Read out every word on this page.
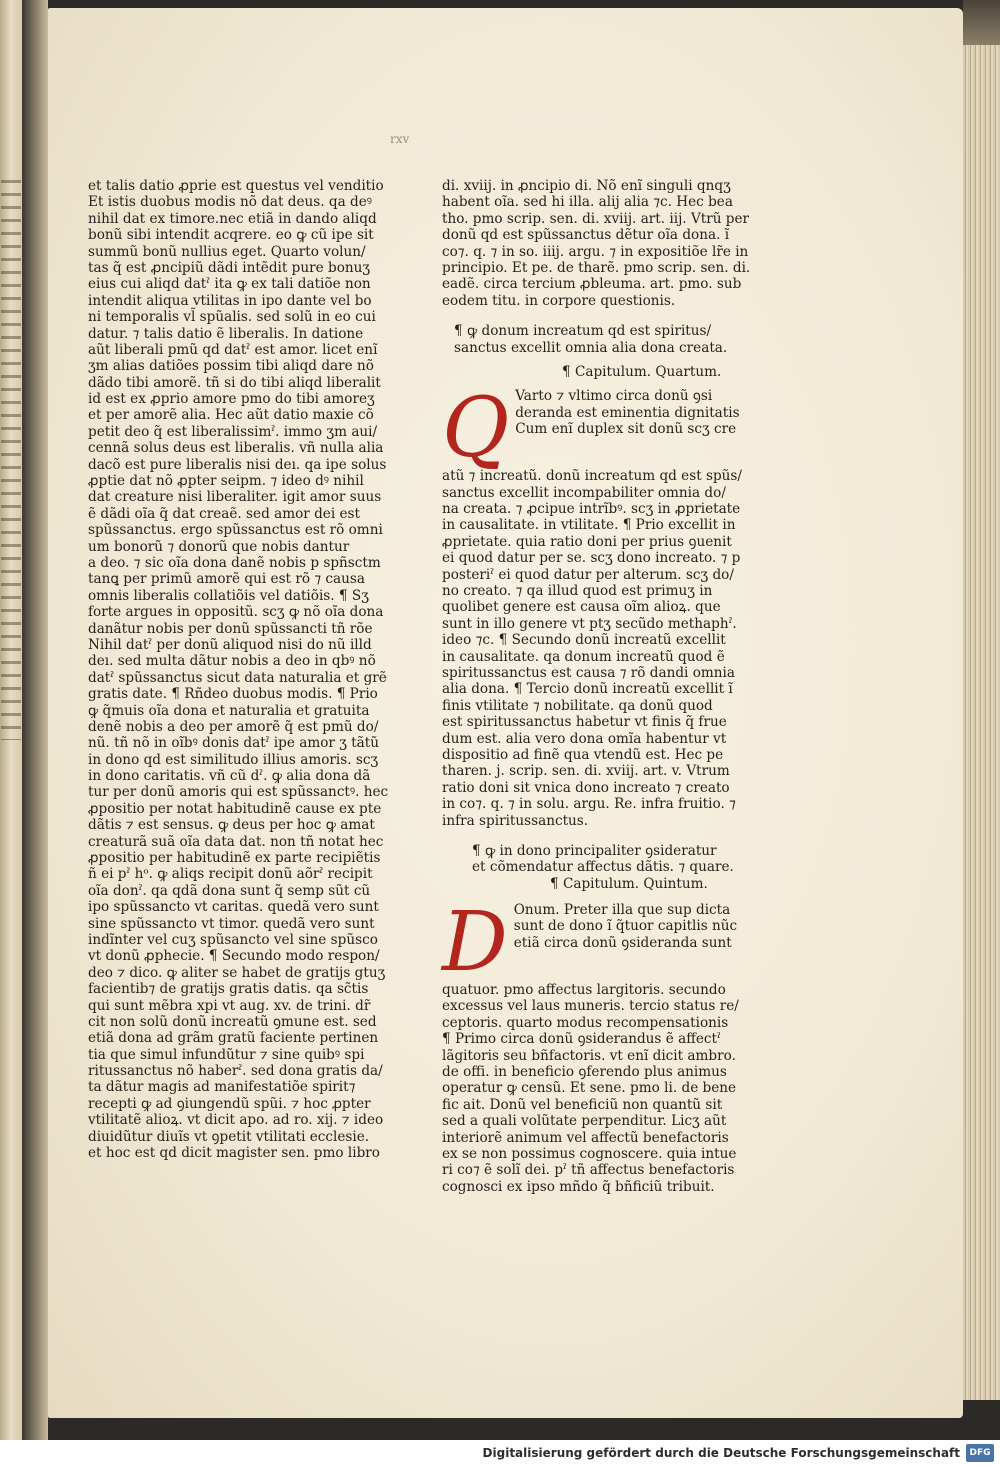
rxv
et talis datio ꝓprie est questus vel venditio
Et istis duobus modis nõ dat deus. qa deꝰ
nihil dat ex timore.nec etiã in dando aliqd
bonũ sibi intendit acqrere. eo ꝙ cũ ipe sit
summũ bonũ nullius eget. Quarto volun/
tas q̃ est ꝓncipiũ dãdi intẽdit pure bonuʒ
eius cui aliqd datˀ ita ꝙ ex tali datiõe non
intendit aliqua vtilitas in ipo dante vel bo
ni temporalis vl̃ spũalis. sed solũ in eo cui
datur. ⁊ talis datio ẽ liberalis. In datione
aũt liberali pmũ qd datˀ est amor. licet enĩ
ʒm alias datiões possim tibi aliqd dare nõ
dãdo tibi amorẽ. tñ si do tibi aliqd liberalit
id est ex ꝓprio amore pmo do tibi amoreʒ
et per amorẽ alia. Hec aũt datio maxie cõ
petit deo q̃ est liberalissimˀ. immo ʒm aui/
cennã solus deus est liberalis. vñ nulla alia
dacõ est pure liberalis nisi deı. qa ipe solus
ꝓptie dat nõ ꝓpter seipm. ⁊ ideo dꝰ nihil
dat creature nisi liberaliter. igit amor suus
ẽ dãdi oĩa q̃ dat creaẽ. sed amor dei est
spũssanctus. ergo spũssanctus est rõ omni
um bonorũ ⁊ donorũ que nobis dantur
a deo. ⁊ sic oĩa dona danẽ nobis p spñsctm
tanꝗ per primũ amorẽ qui est rõ ⁊ causa
omnis liberalis collatiõis vel datiõis. ¶ Sʒ
forte argues in oppositũ. scʒ ꝙ nõ oĩa dona
danãtur nobis per donũ spũssancti tñ rõe
Nihil datˀ per donũ aliquod nisi do nũ illd
deı. sed multa dãtur nobis a deo in qbꝰ nõ
datˀ spũssanctus sicut data naturalia et grẽ
gratis date. ¶ Rñdeo duobus modis. ¶ Prio
ꝙ q̃muis oĩa dona et naturalia et gratuita
denẽ nobis a deo per amorẽ q̃ est pmũ do/
nũ. tñ nõ in oĩbꝰ donis datˀ ipe amor ʒ tãtũ
in dono qd est similitudo illius amoris. scʒ
in dono caritatis. vñ cũ dˀ. ꝙ alia dona dã
tur per donũ amoris qui est spũssanctꝰ. hec
ꝓpositio per notat habitudinẽ cause ex pte
dãtis ⁊ est sensus. ꝙ deus per hoc ꝙ amat
creaturã suã oĩa data dat. non tñ notat hec
ꝓpositio per habitudinẽ ex parte recipiẽtis
ñ ei pˀ hᵒ. ꝙ aliqs recipit donũ aõrˀ recipit
oĩa donˀ. qa qdã dona sunt q̃ semp sũt cũ
ipo spũssancto vt caritas. quedã vero sunt
sine spũssancto vt timor. quedã vero sunt
indĩnter vel cuʒ spũsancto vel sine spũsco
vt donũ ꝓphecie. ¶ Secundo modo respon/
deo ⁊ dico. ꝙ aliter se habet de gratijs gtuʒ
facientib⁊ de gratijs gratis datis. qa sc̃tis
qui sunt mẽbra xpi vt aug. xv. de trini. dr̃
cit non solũ donũ increatũ ꝯmune est. sed
etiã dona ad grãm gratũ faciente pertinen
tia que simul infundũtur ⁊ sine quibꝰ spi
ritussanctus nõ haberˀ. sed dona gratis da/
ta dãtur magis ad manifestatiõe spirit⁊
recepti ꝙ ad ꝯiungendũ spũi. ⁊ hoc ꝓpter
vtilitatẽ alioꝝ. vt dicit apo. ad ro. xij. ⁊ ideo
diuidũtur diuĩs vt ꝯpetit vtilitati ecclesie.
et hoc est qd dicit magister sen. pmo libro
di. xviij. in ꝓncipio di. Nõ enĩ singuli qnqʒ
habent oĩa. sed hi illa. alij alia ⁊c. Hec bea
tho. pmo scrip. sen. di. xviij. art. iij. Vtrũ per
donũ qd est spũssanctus dẽtur oĩa dona. ĩ
co⁊. q. ⁊ in so. iiij. argu. ⁊ in expositiõe lr̃e in
principio. Et pe. de tharẽ. pmo scrip. sen. di.
eadẽ. circa tercium ꝓbleuma. art. pmo. sub
eodem titu. in corpore questionis.
¶ ꝙ donum increatum qd est spiritus/
sanctus excellit omnia alia dona creata.
¶ Capitulum. Quartum.
Q Varto ⁊ vltimo circa donũ ꝯsi
deranda est eminentia dignitatis
Cum enĩ duplex sit donũ scʒ cre
atũ ⁊ increatũ. donũ increatum qd est spũs/
sanctus excellit incompabiliter omnia do/
na creata. ⁊ ꝓcipue intrĩbꝰ. scʒ in ꝓprietate
in causalitate. in vtilitate. ¶ Prio excellit in
ꝓprietate. quia ratio doni per prius ꝯuenit
ei quod datur per se. scʒ dono increato. ⁊ p
posteriˀ ei quod datur per alterum. scʒ do/
no creato. ⁊ qa illud quod est primuʒ in
quolibet genere est causa oĩm alioꝝ. que
sunt in illo genere vt ptʒ secũdo methaphˀ.
ideo ⁊c. ¶ Secundo donũ increatũ excellit
in causalitate. qa donum increatũ quod ẽ
spiritussanctus est causa ⁊ rõ dandi omnia
alia dona. ¶ Tercio donũ increatũ excellit ĩ
finis vtilitate ⁊ nobilitate. qa donũ quod
est spiritussanctus habetur vt finis q̃ frue
dum est. alia vero dona omĩa habentur vt
dispositio ad finẽ qua vtendũ est. Hec pe
tharen. j. scrip. sen. di. xviij. art. v. Vtrum
ratio doni sit vnica dono increato ⁊ creato
in co⁊. q. ⁊ in solu. argu. Re. infra fruitio. ⁊
infra spiritussanctus.
¶ ꝙ in dono principaliter ꝯsideratur
et cõmendatur affectus dãtis. ⁊ quare.
¶ Capitulum. Quintum.
D Onum. Preter illa que sup dicta
sunt de dono ĩ q̃tuor capitlis nũc
etiã circa donũ ꝯsideranda sunt
quatuor. pmo affectus largitoris. secundo
excessus vel laus muneris. tercio status re/
ceptoris. quarto modus recompensationis
¶ Primo circa donũ ꝯsiderandus ẽ affectˀ
lãgitoris seu bñfactoris. vt enĩ dicit ambro.
de offi. in beneficio ꝯferendo plus animus
operatur ꝙ censũ. Et sene. pmo li. de bene
fic ait. Donũ vel beneficiũ non quantũ sit
sed a quali volũtate perpenditur. Licʒ aũt
interiorẽ animum vel affectũ benefactoris
ex se non possimus cognoscere. quia intue
ri co⁊ ẽ solĩ dei. pˀ tñ affectus benefactoris
cognosci ex ipso mñdo q̃ bñficiũ tribuit.
Digitalisierung gefördert durch die Deutsche Forschungsgemeinschaft	DFG
